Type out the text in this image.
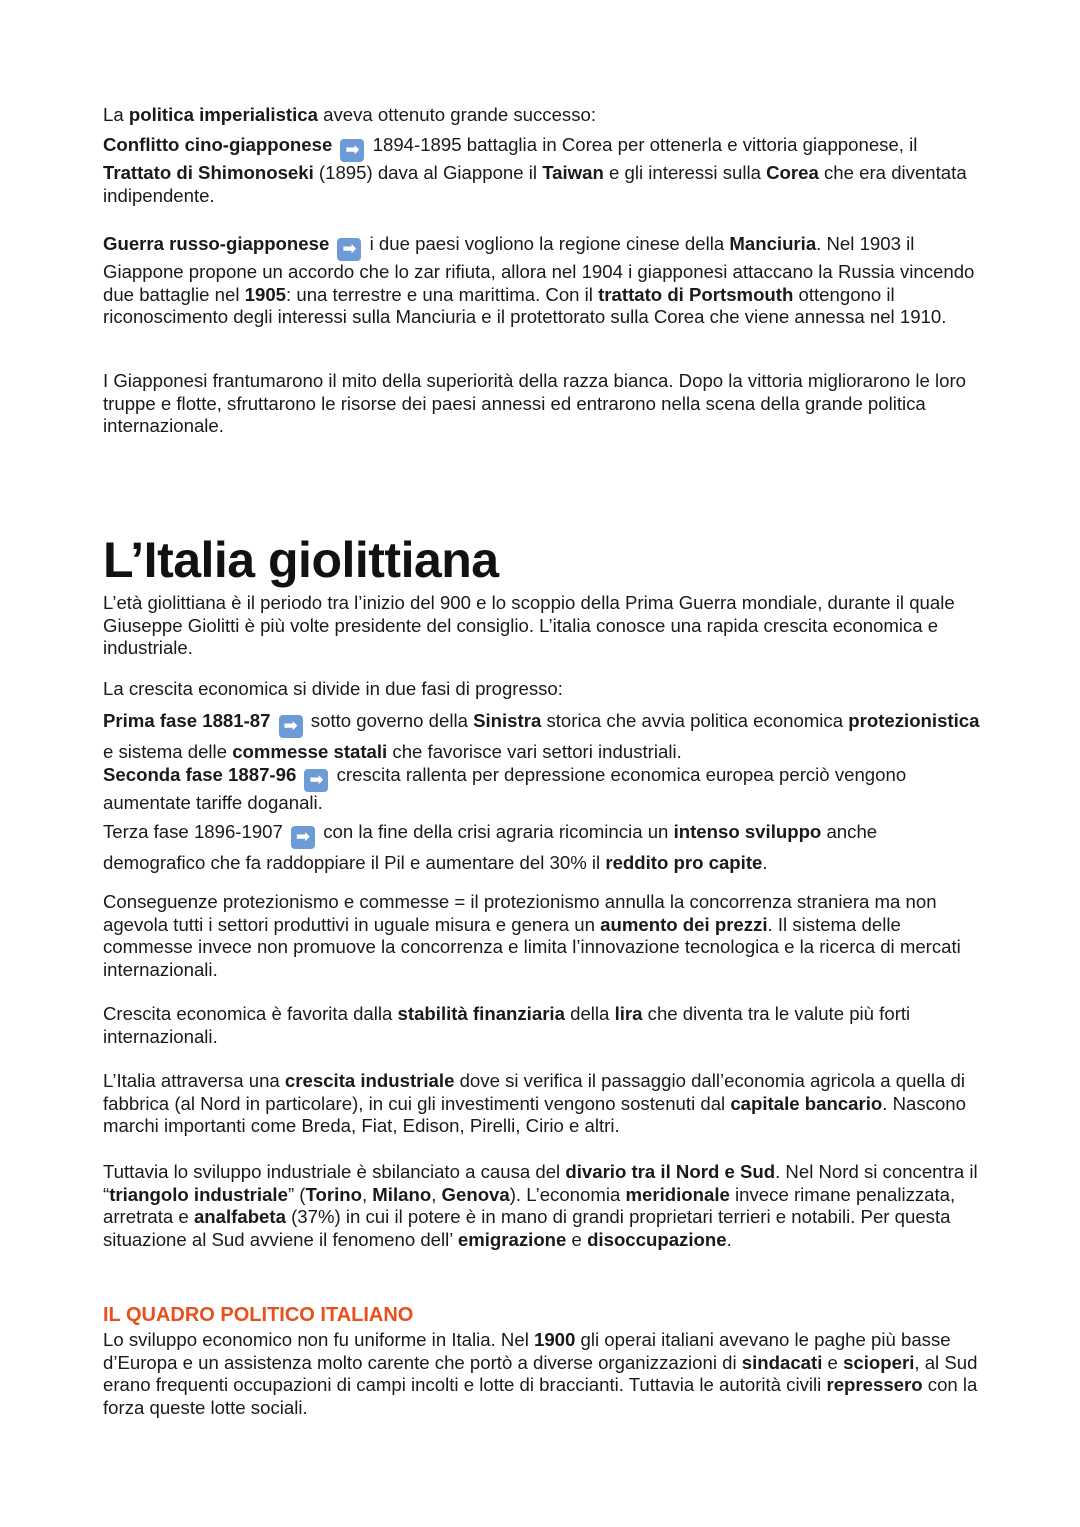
La politica imperialistica aveva ottenuto grande successo:

Conflitto cino-giapponese ➡ 1894-1895 battaglia in Corea per ottenerla e vittoria giapponese, il Trattato di Shimonoseki (1895) dava al Giappone il Taiwan e gli interessi sulla Corea che era diventata indipendente.

Guerra russo-giapponese ➡ i due paesi vogliono la regione cinese della Manciuria. Nel 1903 il Giappone propone un accordo che lo zar rifiuta, allora nel 1904 i giapponesi attaccano la Russia vincendo due battaglie nel 1905: una terrestre e una marittima. Con il trattato di Portsmouth ottengono il riconoscimento degli interessi sulla Manciuria e il protettorato sulla Corea che viene annessa nel 1910.

I Giapponesi frantumarono il mito della superiorità della razza bianca. Dopo la vittoria migliorarono le loro truppe e flotte, sfruttarono le risorse dei paesi annessi ed entrarono nella scena della grande politica internazionale.

L’Italia giolittiana

L’età giolittiana è il periodo tra l’inizio del 900 e lo scoppio della Prima Guerra mondiale, durante il quale Giuseppe Giolitti è più volte presidente del consiglio. L’italia conosce una rapida crescita economica e industriale.

La crescita economica si divide in due fasi di progresso:

Prima fase 1881-87 ➡ sotto governo della Sinistra storica che avvia politica economica protezionistica e sistema delle commesse statali che favorisce vari settori industriali.

Seconda fase 1887-96 ➡ crescita rallenta per depressione economica europea perciò vengono aumentate tariffe doganali.

Terza fase 1896-1907 ➡ con la fine della crisi agraria ricomincia un intenso sviluppo anche demografico che fa raddoppiare il Pil e aumentare del 30% il reddito pro capite.

Conseguenze protezionismo e commesse = il protezionismo annulla la concorrenza straniera ma non agevola tutti i settori produttivi in uguale misura e genera un aumento dei prezzi. Il sistema delle commesse invece non promuove la concorrenza e limita l’innovazione tecnologica e la ricerca di mercati internazionali.

Crescita economica è favorita dalla stabilità finanziaria della lira che diventa tra le valute più forti internazionali.

L’Italia attraversa una crescita industriale dove si verifica il passaggio dall’economia agricola a quella di fabbrica (al Nord in particolare), in cui gli investimenti vengono sostenuti dal capitale bancario. Nascono marchi importanti come Breda, Fiat, Edison, Pirelli, Cirio e altri.

Tuttavia lo sviluppo industriale è sbilanciato a causa del divario tra il Nord e Sud. Nel Nord si concentra il “triangolo industriale” (Torino, Milano, Genova). L’economia meridionale invece rimane penalizzata, arretrata e analfabeta (37%) in cui il potere è in mano di grandi proprietari terrieri e notabili. Per questa situazione al Sud avviene il fenomeno dell’ emigrazione e disoccupazione.

IL QUADRO POLITICO ITALIANO

Lo sviluppo economico non fu uniforme in Italia. Nel 1900 gli operai italiani avevano le paghe più basse d’Europa e un assistenza molto carente che portò a diverse organizzazioni di sindacati e scioperi, al Sud erano frequenti occupazioni di campi incolti e lotte di braccianti. Tuttavia le autorità civili repressero con la forza queste lotte sociali.
